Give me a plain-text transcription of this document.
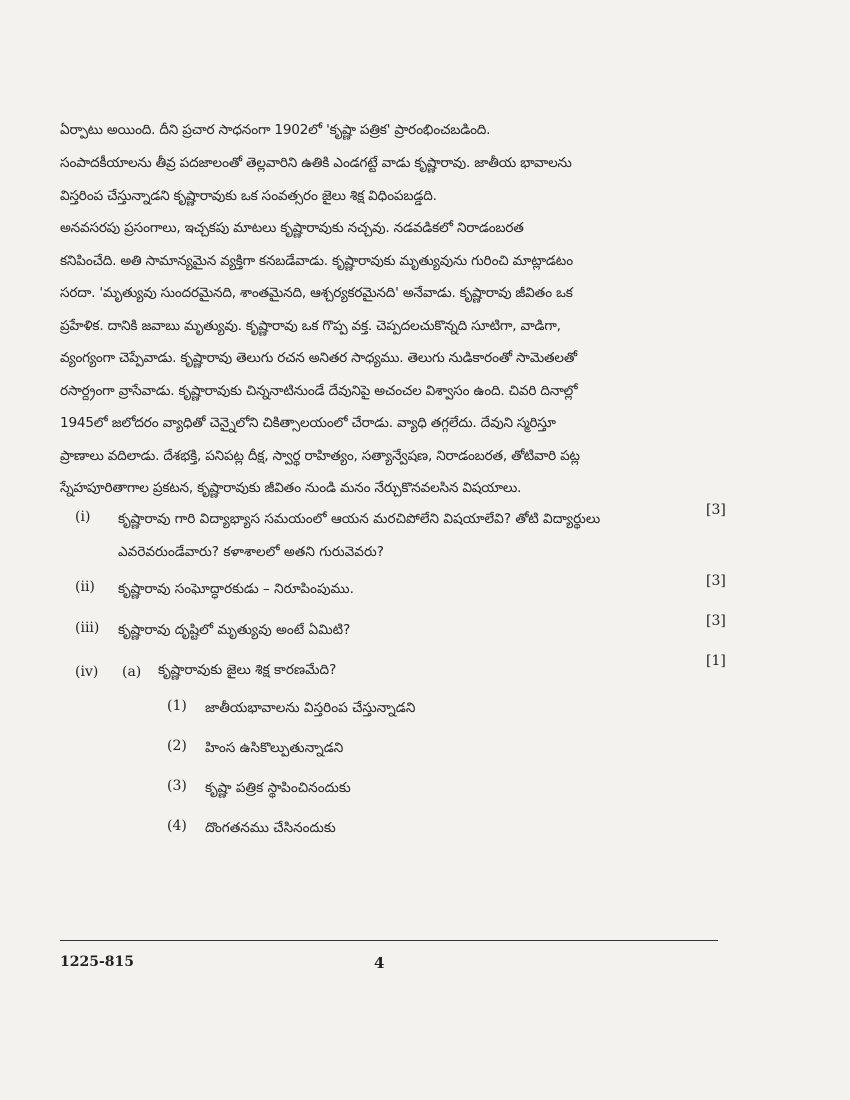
ఏర్పాటు అయింది. దీని ప్రచార సాధనంగా 1902లో 'కృష్ణా పత్రిక' ప్రారంభించబడింది.
సంపాదకీయాలను తీవ్ర పదజాలంతో తెల్లవారిని ఉతికి ఎండగట్టే వాడు కృష్ణారావు. జాతీయ భావాలను
విస్తరింప చేస్తున్నాడని కృష్ణారావుకు ఒక సంవత్సరం జైలు శిక్ష విధింపబడ్డది.
అనవసరపు ప్రసంగాలు, ఇచ్చకపు మాటలు కృష్ణారావుకు నచ్చవు. నడవడికలో నిరాడంబరత
కనిపించేది. అతి సామాన్యమైన వ్యక్తిగా కనబడేవాడు. కృష్ణారావుకు మృత్యువును గురించి మాట్లాడటం
సరదా. 'మృత్యువు సుందరమైనది, శాంతమైనది, ఆశ్చర్యకరమైనది' అనేవాడు. కృష్ణారావు జీవితం ఒక
ప్రహేళిక. దానికి జవాబు మృత్యువు. కృష్ణారావు ఒక గొప్ప వక్త. చెప్పదలచుకొన్నది సూటిగా, వాడిగా,
వ్యంగ్యంగా చెప్పేవాడు. కృష్ణారావు తెలుగు రచన అనితర సాధ్యము. తెలుగు నుడికారంతో సామెతలతో
రసార్ద్రంగా వ్రాసేవాడు. కృష్ణారావుకు చిన్ననాటినుండే దేవునిపై అచంచల విశ్వాసం ఉంది. చివరి దినాల్లో
1945లో జలోదరం వ్యాధితో చెన్నైలోని చికిత్సాలయంలో చేరాడు. వ్యాధి తగ్గలేదు. దేవుని స్మరిస్తూ
ప్రాణాలు వదిలాడు. దేశభక్తి, పనిపట్ల దీక్ష, స్వార్థ రాహిత్యం, సత్యాన్వేషణ, నిరాడంబరత, తోటివారి పట్ల
స్నేహపూరితాగాల ప్రకటన, కృష్ణారావుకు జీవితం నుండి మనం నేర్చుకొనవలసిన విషయాలు.
(i) కృష్ణారావు గారి విద్యాభ్యాస సమయంలో ఆయన మరచిపోలేని విషయాలేవి? తోటి విద్యార్థులు
ఎవరెవరుండేవారు? కళాశాలలో అతని గురువెవరు?
[3]
(ii) కృష్ణారావు సంఘోద్ధారకుడు – నిరూపింపుము.	[3]
(iii) కృష్ణారావు దృష్టిలో మృత్యువు అంటే ఏమిటి?
[3]
(iv) (a) కృష్ణారావుకు జైలు శిక్ష కారణమేది?
[1]
(1) జాతీయభావాలను విస్తరింప చేస్తున్నాడని
(2) హింస ఉసికొల్పుతున్నాడని
(3) కృష్ణా పత్రిక స్థాపించినందుకు
(4) దొంగతనము చేసినందుకు
1225-815	4
